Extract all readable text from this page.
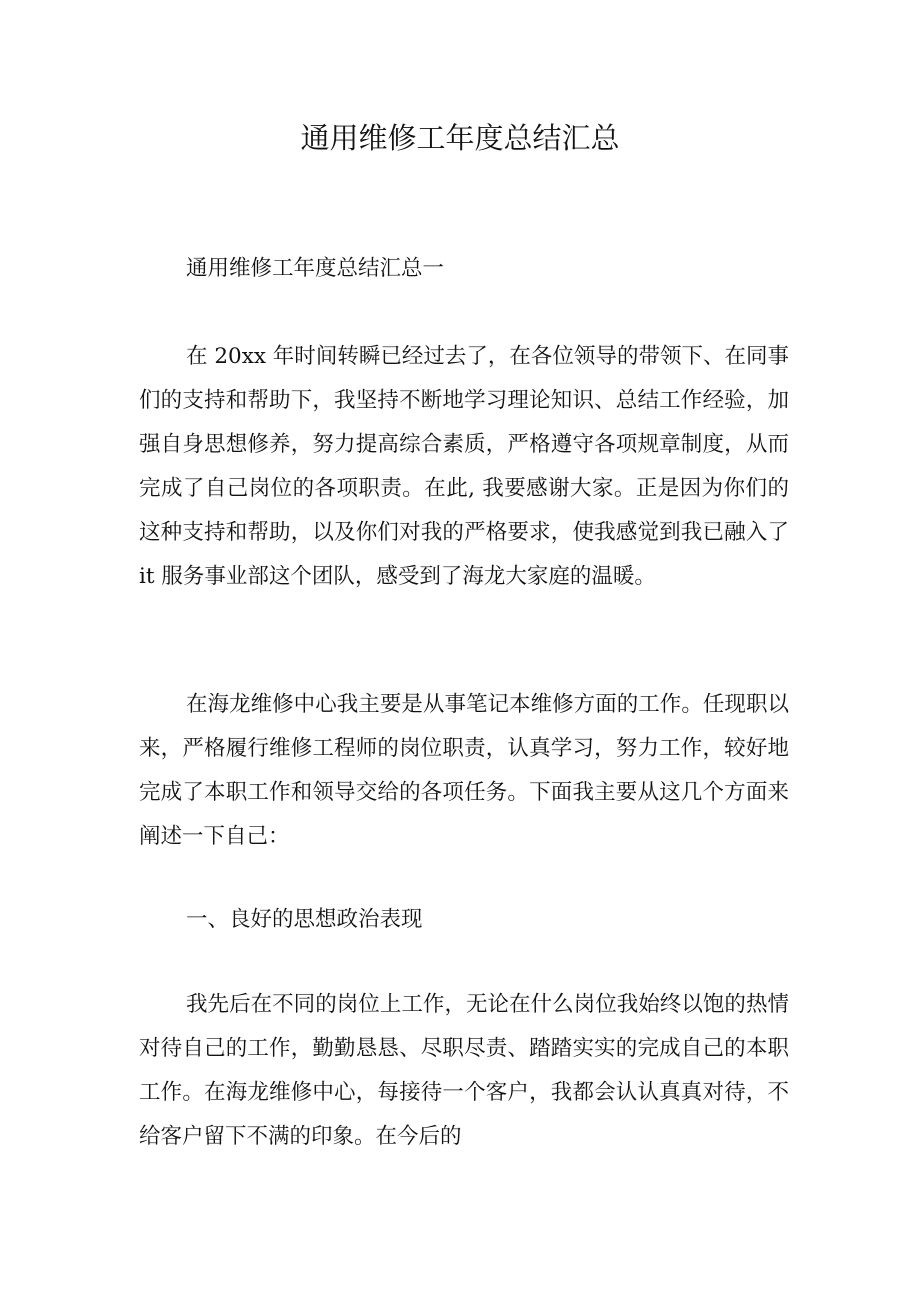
通用维修工年度总结汇总
通用维修工年度总结汇总一

在 20xx 年时间转瞬已经过去了，在各位领导的带领下、在同事们的支持和帮助下，我坚持不断地学习理论知识、总结工作经验，加强自身思想修养，努力提高综合素质，严格遵守各项规章制度，从而完成了自己岗位的各项职责。在此, 我要感谢大家。正是因为你们的这种支持和帮助，以及你们对我的严格要求，使我感觉到我已融入了 it 服务事业部这个团队，感受到了海龙大家庭的温暖。

在海龙维修中心我主要是从事笔记本维修方面的工作。任现职以来，严格履行维修工程师的岗位职责，认真学习，努力工作，较好地完成了本职工作和领导交给的各项任务。下面我主要从这几个方面来阐述一下自己：

一、良好的思想政治表现

我先后在不同的岗位上工作，无论在什么岗位我始终以饱的热情对待自己的工作，勤勤恳恳、尽职尽责、踏踏实实的完成自己的本职工作。在海龙维修中心，每接待一个客户，我都会认认真真对待，不给客户留下不满的印象。在今后的
